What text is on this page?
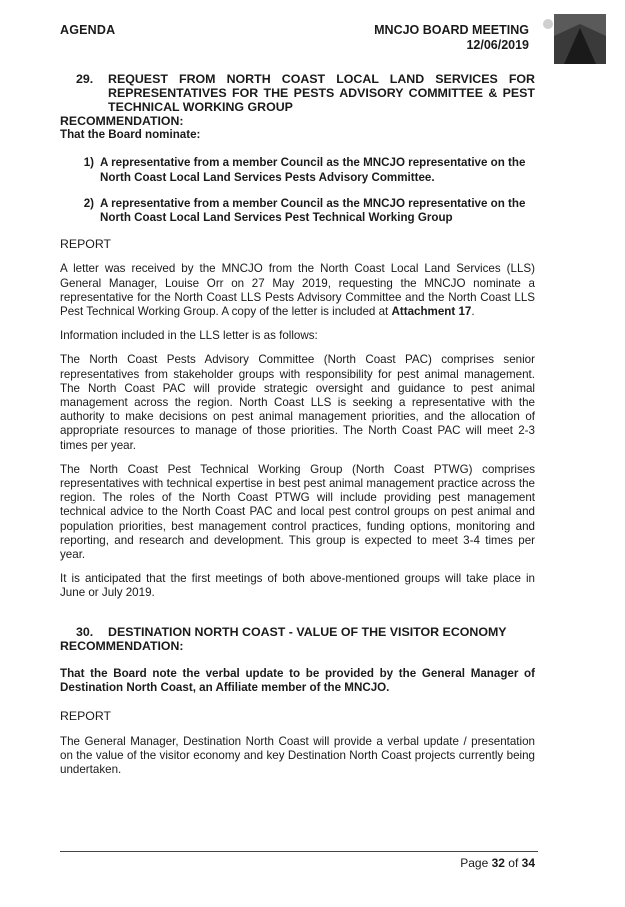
AGENDA	MNCJO BOARD MEETING
12/06/2019
29.	REQUEST FROM NORTH COAST LOCAL LAND SERVICES FOR REPRESENTATIVES FOR THE PESTS ADVISORY COMMITTEE & PEST TECHNICAL WORKING GROUP

RECOMMENDATION:

That the Board nominate:

1) A representative from a member Council as the MNCJO representative on the North Coast Local Land Services Pests Advisory Committee.
2) A representative from a member Council as the MNCJO representative on the North Coast Local Land Services Pest Technical Working Group

REPORT

A letter was received by the MNCJO from the North Coast Local Land Services (LLS) General Manager, Louise Orr on 27 May 2019, requesting the MNCJO nominate a representative for the North Coast LLS Pests Advisory Committee and the North Coast LLS Pest Technical Working Group. A copy of the letter is included at Attachment 17.

Information included in the LLS letter is as follows:

The North Coast Pests Advisory Committee (North Coast PAC) comprises senior representatives from stakeholder groups with responsibility for pest animal management. The North Coast PAC will provide strategic oversight and guidance to pest animal management across the region. North Coast LLS is seeking a representative with the authority to make decisions on pest animal management priorities, and the allocation of appropriate resources to manage of those priorities. The North Coast PAC will meet 2-3 times per year.

The North Coast Pest Technical Working Group (North Coast PTWG) comprises representatives with technical expertise in best pest animal management practice across the region. The roles of the North Coast PTWG will include providing pest management technical advice to the North Coast PAC and local pest control groups on pest animal and population priorities, best management control practices, funding options, monitoring and reporting, and research and development. This group is expected to meet 3-4 times per year.

It is anticipated that the first meetings of both above-mentioned groups will take place in June or July 2019.

30.	DESTINATION NORTH COAST - VALUE OF THE VISITOR ECONOMY

RECOMMENDATION:

That the Board note the verbal update to be provided by the General Manager of Destination North Coast, an Affiliate member of the MNCJO.

REPORT

The General Manager, Destination North Coast will provide a verbal update / presentation on the value of the visitor economy and key Destination North Coast projects currently being undertaken.

Page 32 of 34
